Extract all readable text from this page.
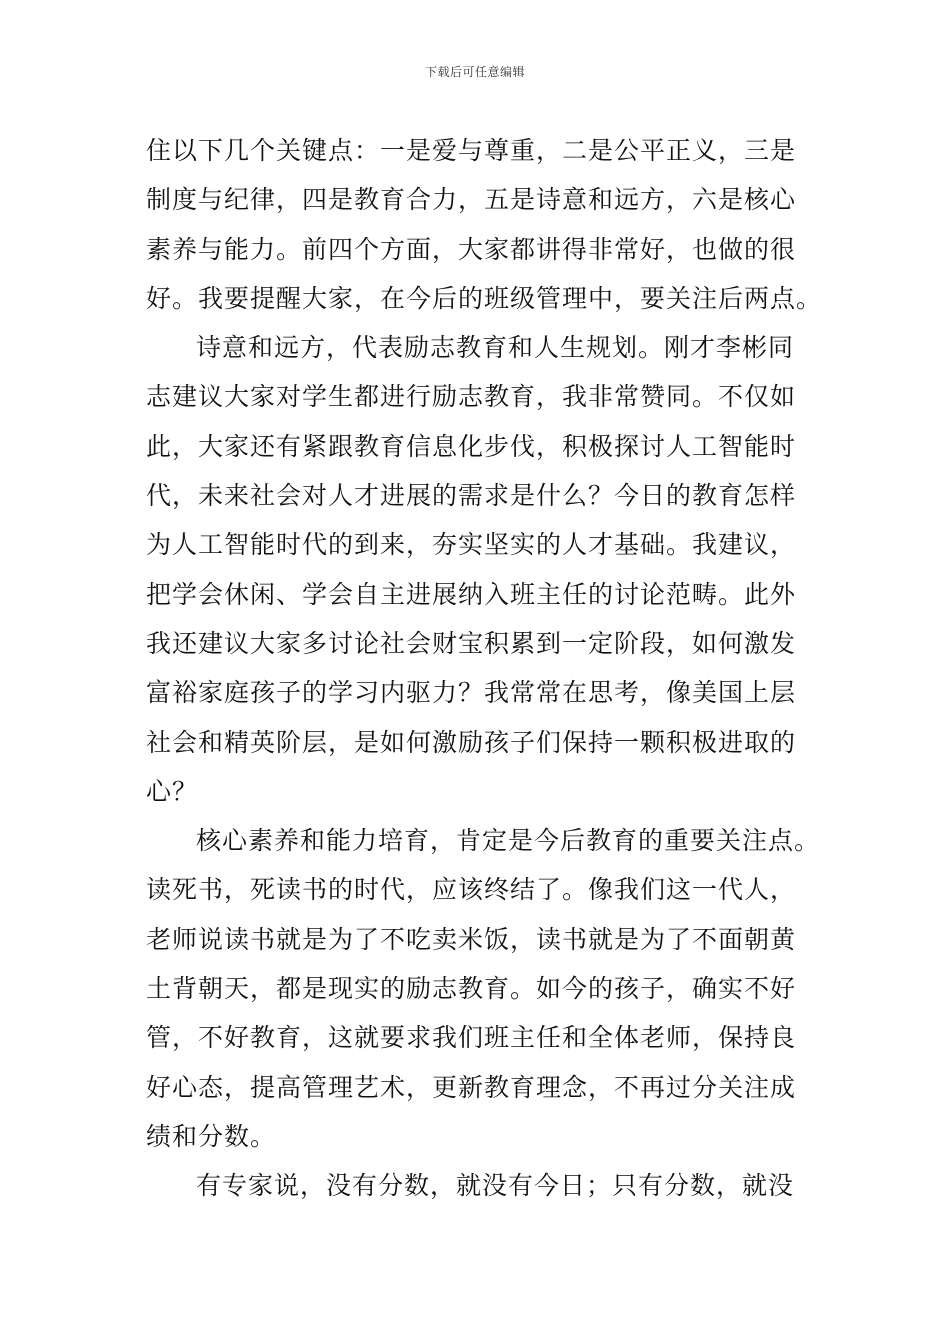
下载后可任意编辑
住以下几个关键点：一是爱与尊重，二是公平正义，三是
制度与纪律，四是教育合力，五是诗意和远方，六是核心
素养与能力。前四个方面，大家都讲得非常好，也做的很
好。我要提醒大家，在今后的班级管理中，要关注后两点。
诗意和远方，代表励志教育和人生规划。刚才李彬同
志建议大家对学生都进行励志教育，我非常赞同。不仅如
此，大家还有紧跟教育信息化步伐，积极探讨人工智能时
代，未来社会对人才进展的需求是什么？今日的教育怎样
为人工智能时代的到来，夯实坚实的人才基础。我建议，
把学会休闲、学会自主进展纳入班主任的讨论范畴。此外
我还建议大家多讨论社会财宝积累到一定阶段，如何激发
富裕家庭孩子的学习内驱力？我常常在思考，像美国上层
社会和精英阶层，是如何激励孩子们保持一颗积极进取的
心？
核心素养和能力培育，肯定是今后教育的重要关注点。
读死书，死读书的时代，应该终结了。像我们这一代人，
老师说读书就是为了不吃卖米饭，读书就是为了不面朝黄
土背朝天，都是现实的励志教育。如今的孩子，确实不好
管，不好教育，这就要求我们班主任和全体老师，保持良
好心态，提高管理艺术，更新教育理念，不再过分关注成
绩和分数。
有专家说，没有分数，就没有今日；只有分数，就没
